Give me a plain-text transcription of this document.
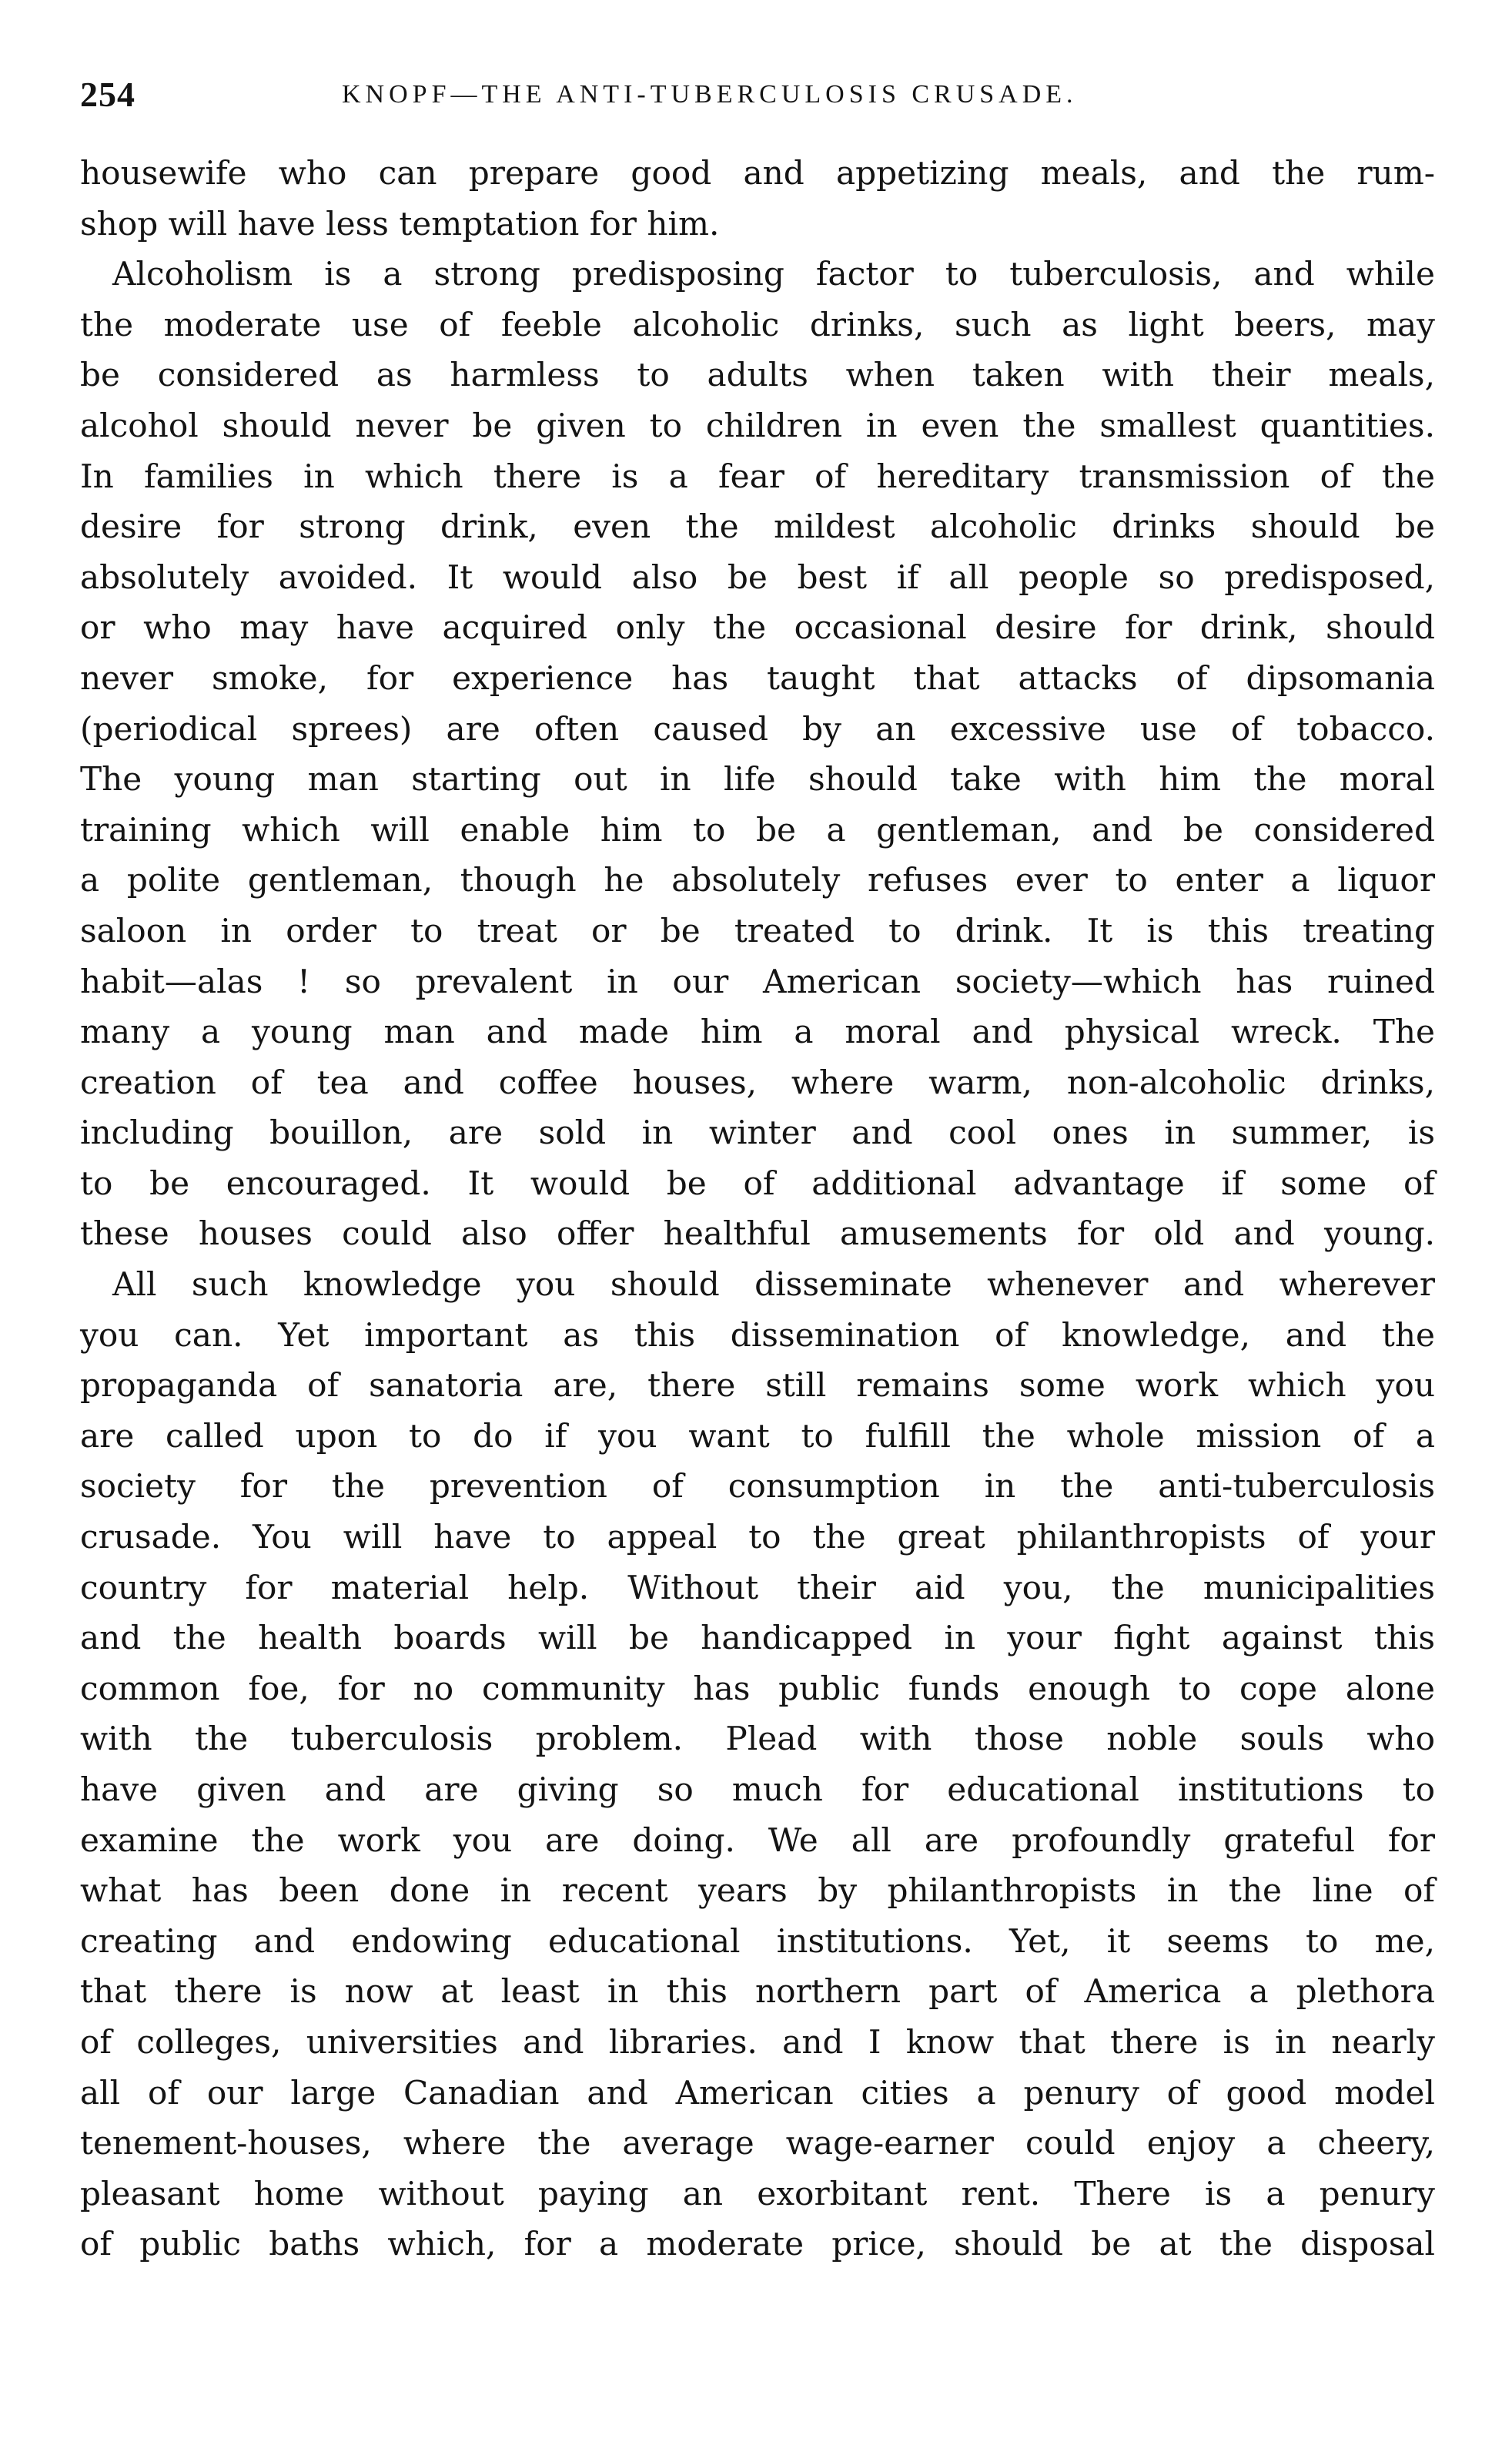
254	KNOPF—THE ANTI-TUBERCULOSIS CRUSADE.

housewife who can prepare good and appetizing meals, and the rum-
shop will have less temptation for him.

Alcoholism is a strong predisposing factor to tuberculosis, and while
the moderate use of feeble alcoholic drinks, such as light beers, may
be considered as harmless to adults when taken with their meals,
alcohol should never be given to children in even the smallest quantities.
In families in which there is a fear of hereditary transmission of the
desire for strong drink, even the mildest alcoholic drinks should be
absolutely avoided. It would also be best if all people so predisposed,
or who may have acquired only the occasional desire for drink, should
never smoke, for experience has taught that attacks of dipsomania
(periodical sprees) are often caused by an excessive use of tobacco.
The young man starting out in life should take with him the moral
training which will enable him to be a gentleman, and be considered
a polite gentleman, though he absolutely refuses ever to enter a liquor
saloon in order to treat or be treated to drink. It is this treating
habit—alas ! so prevalent in our American society—which has ruined
many a young man and made him a moral and physical wreck. The
creation of tea and coffee houses, where warm, non-alcoholic drinks,
including bouillon, are sold in winter and cool ones in summer, is
to be encouraged. It would be of additional advantage if some of
these houses could also offer healthful amusements for old and young.

All such knowledge you should disseminate whenever and wherever
you can. Yet important as this dissemination of knowledge, and the
propaganda of sanatoria are, there still remains some work which you
are called upon to do if you want to fulfill the whole mission of a
society for the prevention of consumption in the anti-tuberculosis
crusade. You will have to appeal to the great philanthropists of your
country for material help. Without their aid you, the municipalities
and the health boards will be handicapped in your fight against this
common foe, for no community has public funds enough to cope alone
with the tuberculosis problem. Plead with those noble souls who
have given and are giving so much for educational institutions to
examine the work you are doing. We all are profoundly grateful for
what has been done in recent years by philanthropists in the line of
creating and endowing educational institutions. Yet, it seems to me,
that there is now at least in this northern part of America a plethora
of colleges, universities and libraries. and I know that there is in nearly
all of our large Canadian and American cities a penury of good model
tenement-houses, where the average wage-earner could enjoy a cheery,
pleasant home without paying an exorbitant rent. There is a penury
of public baths which, for a moderate price, should be at the disposal
